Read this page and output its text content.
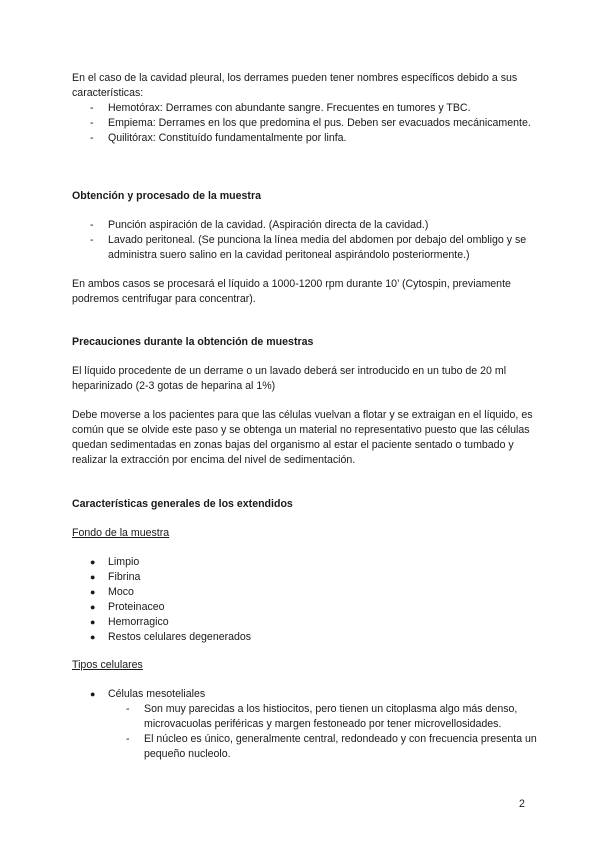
En el caso de la cavidad pleural, los derrames pueden tener nombres específicos debido a sus características:

- Hemotórax: Derrames con abundante sangre. Frecuentes en tumores y TBC.
- Empiema: Derrames en los que predomina el pus. Deben ser evacuados mecánicamente.
- Quilitórax: Constituído fundamentalmente por linfa.
Obtención y procesado de la muestra
- Punción aspiración de la cavidad. (Aspiración directa de la cavidad.)
- Lavado peritoneal. (Se punciona la línea media del abdomen por debajo del ombligo y se administra suero salino en la cavidad peritoneal aspirándolo posteriormente.)

En ambos casos se procesará el líquido a 1000-1200 rpm durante 10’ (Cytospin, previamente podremos centrifugar para concentrar).

Precauciones durante la obtención de muestras

El líquido procedente de un derrame o un lavado deberá ser introducido en un tubo de 20 ml heparinizado (2-3 gotas de heparina al 1%)

Debe moverse a los pacientes para que las células vuelvan a flotar y se extraigan en el líquido, es común que se olvide este paso y se obtenga un material no representativo puesto que las células quedan sedimentadas en zonas bajas del organismo al estar el paciente sentado o tumbado y realizar la extracción por encima del nivel de sedimentación.

Características generales de los extendidos

Fondo de la muestra

● Limpio
● Fibrina
● Moco
● Proteinaceo
● Hemorragico
● Restos celulares degenerados

Tipos celulares

● Células mesoteliales
- Son muy parecidas a los histiocitos, pero tienen un citoplasma algo más denso, microvacuolas periféricas y margen festoneado por tener microvellosidades.
- El núcleo es único, generalmente central, redondeado y con frecuencia presenta un pequeño nucleolo.
2
